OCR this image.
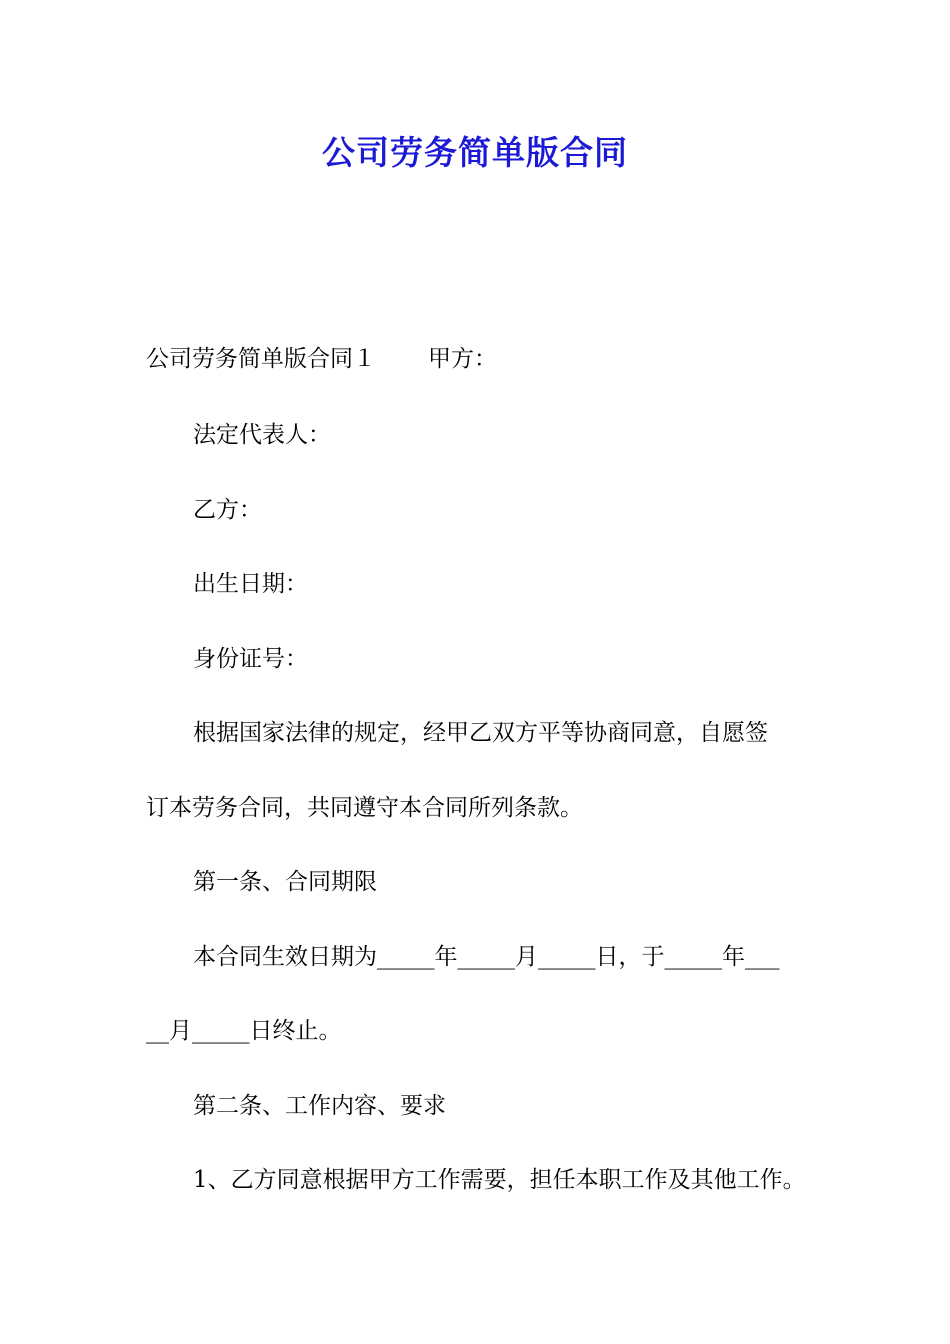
公司劳务简单版合同
公司劳务简单版合同１ 甲方：
法定代表人：
乙方：
出生日期：
身份证号：
根据国家法律的规定，经甲乙双方平等协商同意，自愿签
订本劳务合同，共同遵守本合同所列条款。
第一条、合同期限
本合同生效日期为_____年_____月_____日，于_____年___
__月_____日终止。
第二条、工作内容、要求
1、乙方同意根据甲方工作需要，担任本职工作及其他工作。
